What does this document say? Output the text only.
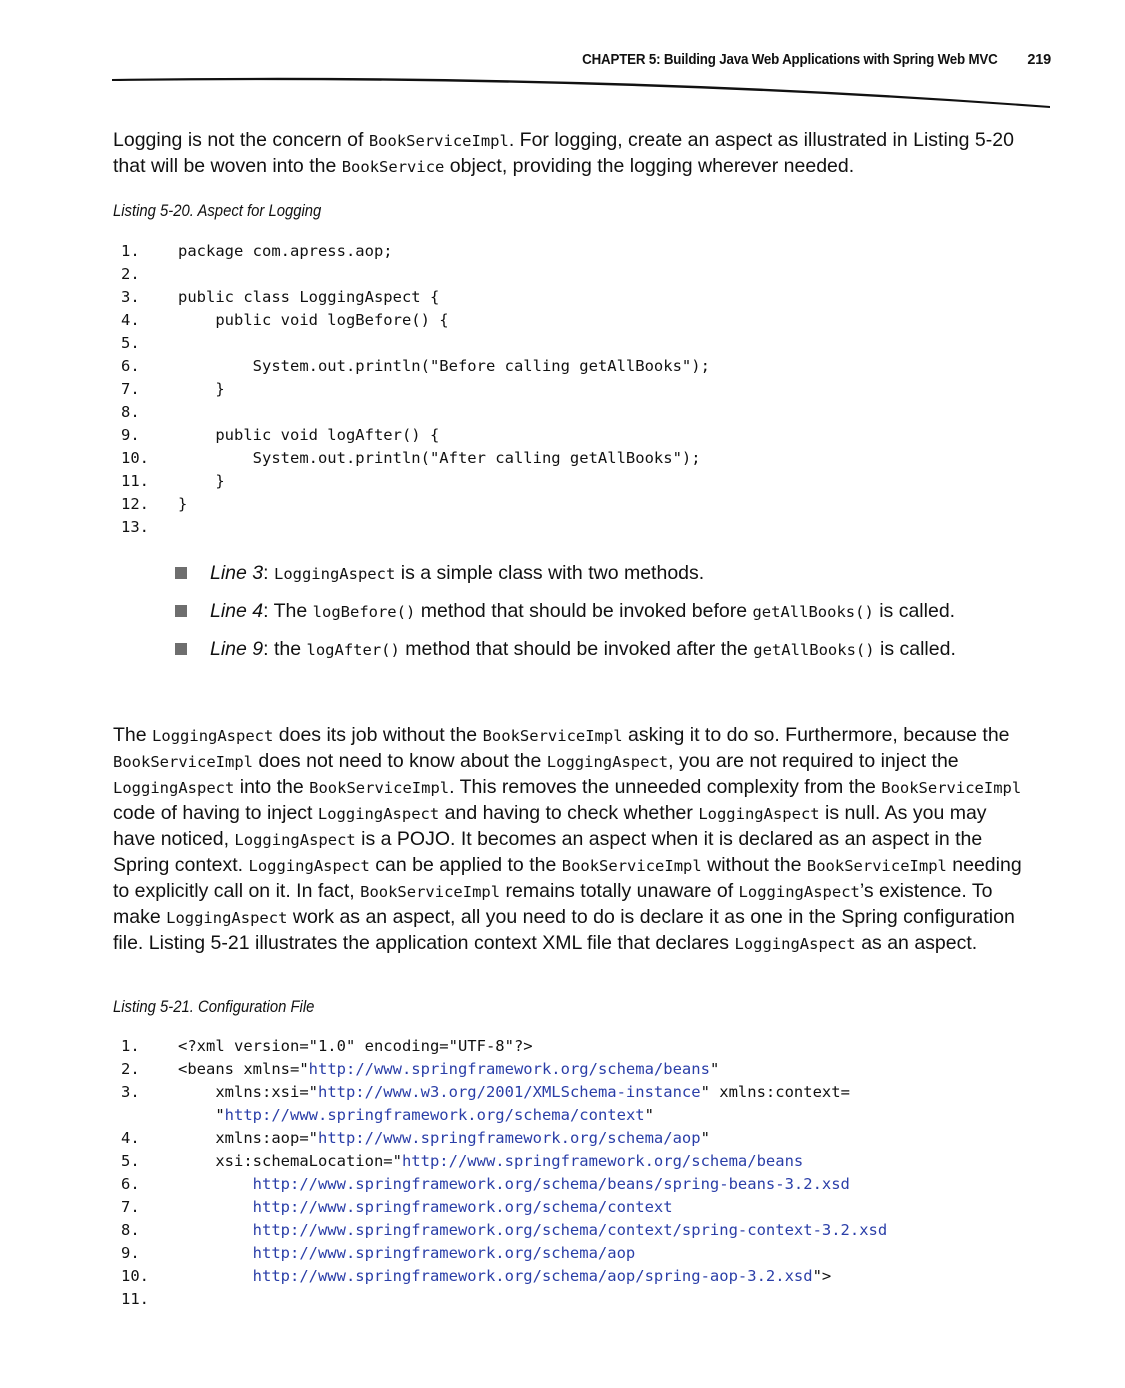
CHAPTER 5: Building Java Web Applications with Spring Web MVC 219
Logging is not the concern of BookServiceImpl. For logging, create an aspect as illustrated in Listing 5-20 that will be woven into the BookService object, providing the logging wherever needed.
Listing 5-20. Aspect for Logging
1.	package com.apress.aop;
2.
3.	public class LoggingAspect {
4.	public void logBefore() {
5.
6.	System.out.println("Before calling getAllBooks");
7.	}
8.
9.	public void logAfter() {
10.	System.out.println("After calling getAllBooks");
11.	}
12.	}
13.
Line 3: LoggingAspect is a simple class with two methods.
Line 4: The logBefore() method that should be invoked before getAllBooks() is called.
Line 9: the logAfter() method that should be invoked after the getAllBooks() is called.
The LoggingAspect does its job without the BookServiceImpl asking it to do so. Furthermore, because the BookServiceImpl does not need to know about the LoggingAspect, you are not required to inject the LoggingAspect into the BookServiceImpl. This removes the unneeded complexity from the BookServiceImpl code of having to inject LoggingAspect and having to check whether LoggingAspect is null. As you may have noticed, LoggingAspect is a POJO. It becomes an aspect when it is declared as an aspect in the Spring context. LoggingAspect can be applied to the BookServiceImpl without the BookServiceImpl needing to explicitly call on it. In fact, BookServiceImpl remains totally unaware of LoggingAspect’s existence. To make LoggingAspect work as an aspect, all you need to do is declare it as one in the Spring configuration file. Listing 5-21 illustrates the application context XML file that declares LoggingAspect as an aspect.
Listing 5-21. Configuration File
1.	<?xml version="1.0" encoding="UTF-8"?>
2.	<beans xmlns="http://www.springframework.org/schema/beans"
3.	xmlns:xsi="http://www.w3.org/2001/XMLSchema-instance" xmlns:context=
"http://www.springframework.org/schema/context"
4.	xmlns:aop="http://www.springframework.org/schema/aop"
5.	xsi:schemaLocation="http://www.springframework.org/schema/beans
6.	http://www.springframework.org/schema/beans/spring-beans-3.2.xsd
7.	http://www.springframework.org/schema/context
8.	http://www.springframework.org/schema/context/spring-context-3.2.xsd
9.	http://www.springframework.org/schema/aop
10.	http://www.springframework.org/schema/aop/spring-aop-3.2.xsd">
11.
